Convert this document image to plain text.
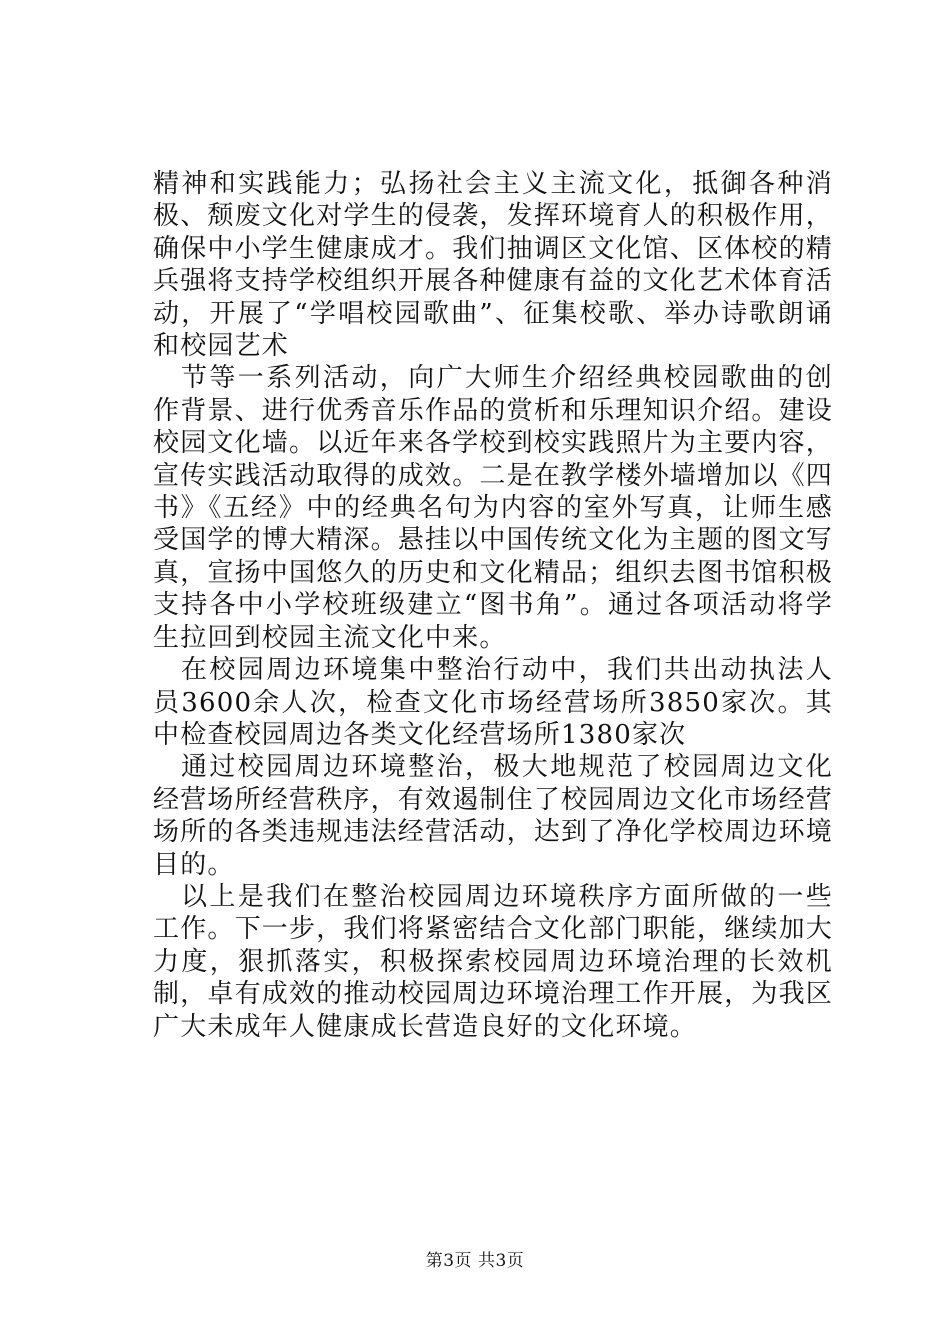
精神和实践能力；弘扬社会主义主流文化，抵御各种消极、颓废文化对学生的侵袭，发挥环境育人的积极作用，确保中小学生健康成才。我们抽调区文化馆、区体校的精兵强将支持学校组织开展各种健康有益的文化艺术体育活动，开展了“学唱校园歌曲”、征集校歌、举办诗歌朗诵和校园艺术

节等一系列活动，向广大师生介绍经典校园歌曲的创作背景、进行优秀音乐作品的赏析和乐理知识介绍。建设校园文化墙。以近年来各学校到校实践照片为主要内容，宣传实践活动取得的成效。二是在教学楼外墙增加以《四书》《五经》中的经典名句为内容的室外写真，让师生感受国学的博大精深。悬挂以中国传统文化为主题的图文写真，宣扬中国悠久的历史和文化精品；组织去图书馆积极支持各中小学校班级建立“图书角”。通过各项活动将学生拉回到校园主流文化中来。

在校园周边环境集中整治行动中，我们共出动执法人员3600余人次，检查文化市场经营场所3850家次。其中检查校园周边各类文化经营场所1380家次

通过校园周边环境整治，极大地规范了校园周边文化经营场所经营秩序，有效遏制住了校园周边文化市场经营场所的各类违规违法经营活动，达到了净化学校周边环境目的。

以上是我们在整治校园周边环境秩序方面所做的一些工作。下一步，我们将紧密结合文化部门职能，继续加大力度，狠抓落实，积极探索校园周边环境治理的长效机制，卓有成效的推动校园周边环境治理工作开展，为我区广大未成年人健康成长营造良好的文化环境。

第3页 共3页
